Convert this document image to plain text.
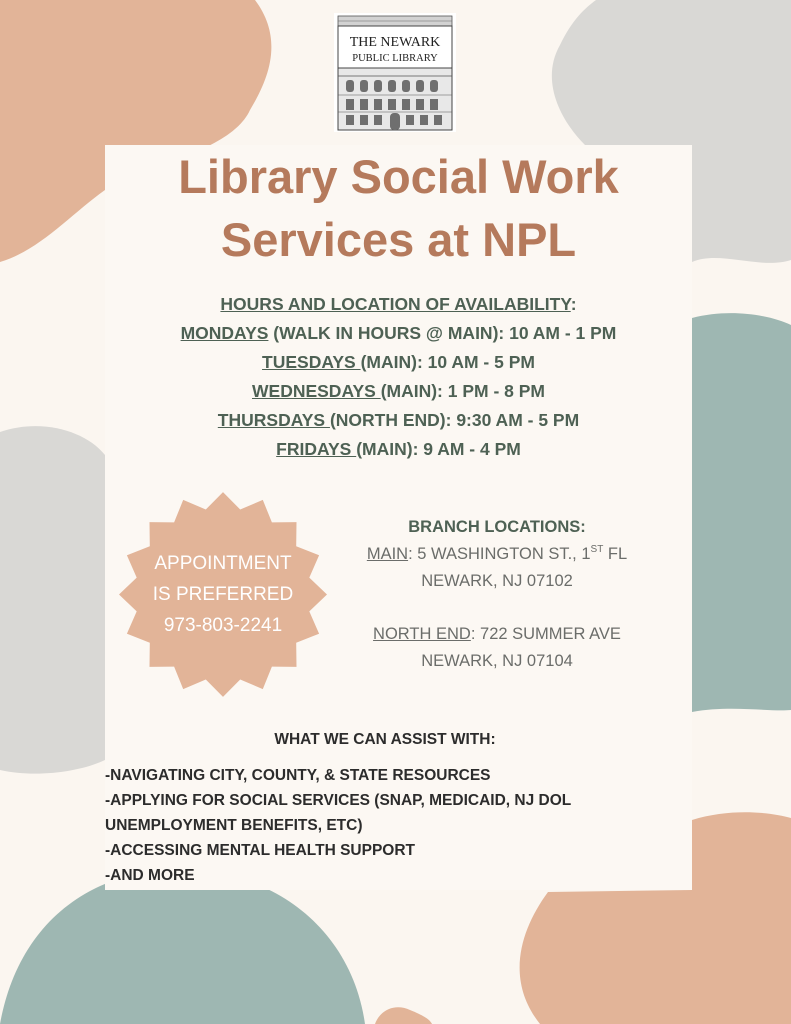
THE NEWARK
PUBLIC LIBRARY
Library Social Work
Services at NPL
HOURS AND LOCATION OF AVAILABILITY:
MONDAYS (WALK IN HOURS @ MAIN): 10 AM - 1 PM
TUESDAYS (MAIN): 10 AM - 5 PM
WEDNESDAYS (MAIN): 1 PM - 8 PM
THURSDAYS (NORTH END): 9:30 AM - 5 PM
FRIDAYS (MAIN): 9 AM - 4 PM
APPOINTMENT
IS PREFERRED
973-803-2241
BRANCH LOCATIONS:
MAIN: 5 WASHINGTON ST., 1ST FL
NEWARK, NJ 07102
NORTH END: 722 SUMMER AVE
NEWARK, NJ 07104
WHAT WE CAN ASSIST WITH:
-NAVIGATING CITY, COUNTY, & STATE RESOURCES
-APPLYING FOR SOCIAL SERVICES (SNAP, MEDICAID, NJ DOL
UNEMPLOYMENT BENEFITS, ETC)
-ACCESSING MENTAL HEALTH SUPPORT
-AND MORE
